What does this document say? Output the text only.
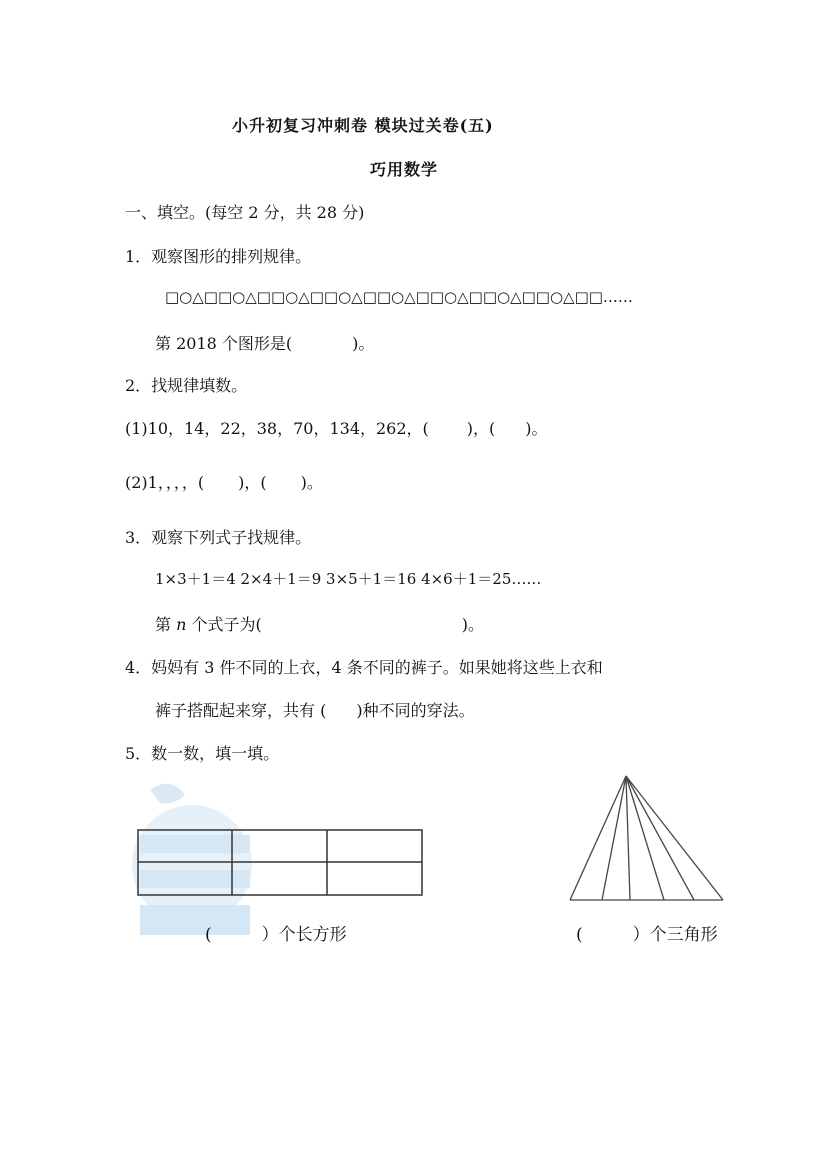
小升初复习冲刺卷 模块过关卷(五)
巧用数学
一、填空。(每空 2 分，共 28 分)
1．观察图形的排列规律。
□○△□□○△□□○△□□○△□□○△□□○△□□○△□□○△□□……
第 2018 个图形是(	)。
2．找规律填数。
(1)10，14，22，38，70，134，262，( )，( )。
(2)1，，，，( )，( )。
3．观察下列式子找规律。
1×3＋1＝4 2×4＋1＝9 3×5＋1＝16 4×6＋1＝25……
第 n 个式子为(	)。
4．妈妈有 3 件不同的上衣，4 条不同的裤子。如果她将这些上衣和
裤子搭配起来穿，共有 ( )种不同的穿法。
5．数一数，填一填。
(	）个长方形	(	）个三角形
